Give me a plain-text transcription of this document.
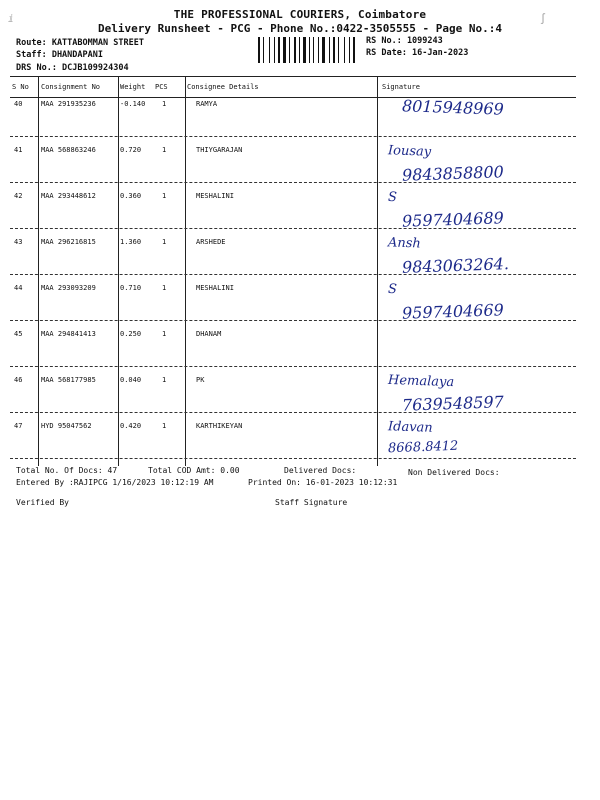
ⅈ	∫
THE PROFESSIONAL COURIERS, Coimbatore
Delivery Runsheet - PCG - Phone No.:0422-3505555 - Page No.:4
Route: KATTABOMMAN STREET
Staff: DHANDAPANI
DRS No.: DCJB109924304
RS No.: 1099243
RS Date: 16-Jan-2023
S No Consignment No	Weight PCS	Consignee Details	Signature
40	MAA 291935236	-0.140 1	RAMYA	8015948969
41	MAA 568863246	0.720	1	THIYGARAJAN	Iousay
9843858800
42	MAA 293448612	0.360	1	MESHALINI	S
9597404689
43	MAA 296216815	1.360	1	ARSHEDE	Ansh
9843063264.
44	MAA 293093209	0.710	1	MESHALINI	S
9597404669
45	MAA 294841413	0.250	1	DHANAM
46	MAA 568177985	0.040	1	PK	Hemalaya
7639548597
47	HYD 95047562	0.420	1	KARTHIKEYAN	Idavan
8668.8412
Total No. Of Docs: 47	Total COD Amt: 0.00	Delivered Docs:	Non Delivered Docs:
Entered By :RAJIPCG 1/16/2023 10:12:19 AM	Printed On: 16-01-2023 10:12:31
Verified By	Staff Signature
